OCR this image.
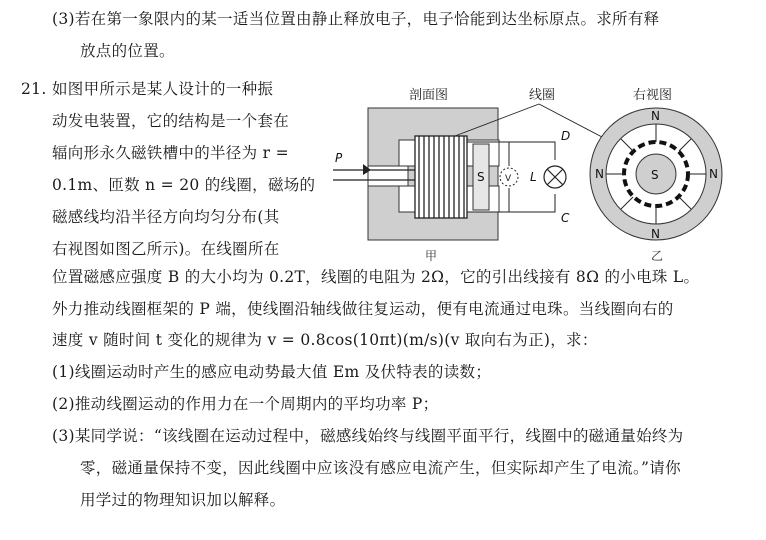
(3)若在第一象限内的某一适当位置由静止释放电子，电子恰能到达坐标原点。求所有释
放点的位置。
21. 如图甲所示是某人设计的一种振
动发电装置，它的结构是一个套在
辐向形永久磁铁槽中的半径为 r =
0.1m、匝数 n = 20 的线圈，磁场的
磁感线均沿半径方向均匀分布(其
右视图如图乙所示)。在线圈所在
位置磁感应强度 B 的大小均为 0.2T，线圈的电阻为 2Ω，它的引出线接有 8Ω 的小电珠 L。
外力推动线圈框架的 P 端，使线圈沿轴线做往复运动，便有电流通过电珠。当线圈向右的
速度 v 随时间 t 变化的规律为 v = 0.8cos(10πt)(m/s)(v 取向右为正)，求：
(1)线圈运动时产生的感应电动势最大值 Em 及伏特表的读数；
(2)推动线圈运动的作用力在一个周期内的平均功率 P；
(3)某同学说：“该线圈在运动过程中，磁感线始终与线圈平面平行，线圈中的磁通量始终为
零，磁通量保持不变，因此线圈中应该没有感应电流产生，但实际却产生了电流。”请你
用学过的物理知识加以解释。
剖面图	线圈	右视图
S
P
V L
D
C
N
N	N
N
S
甲	乙
